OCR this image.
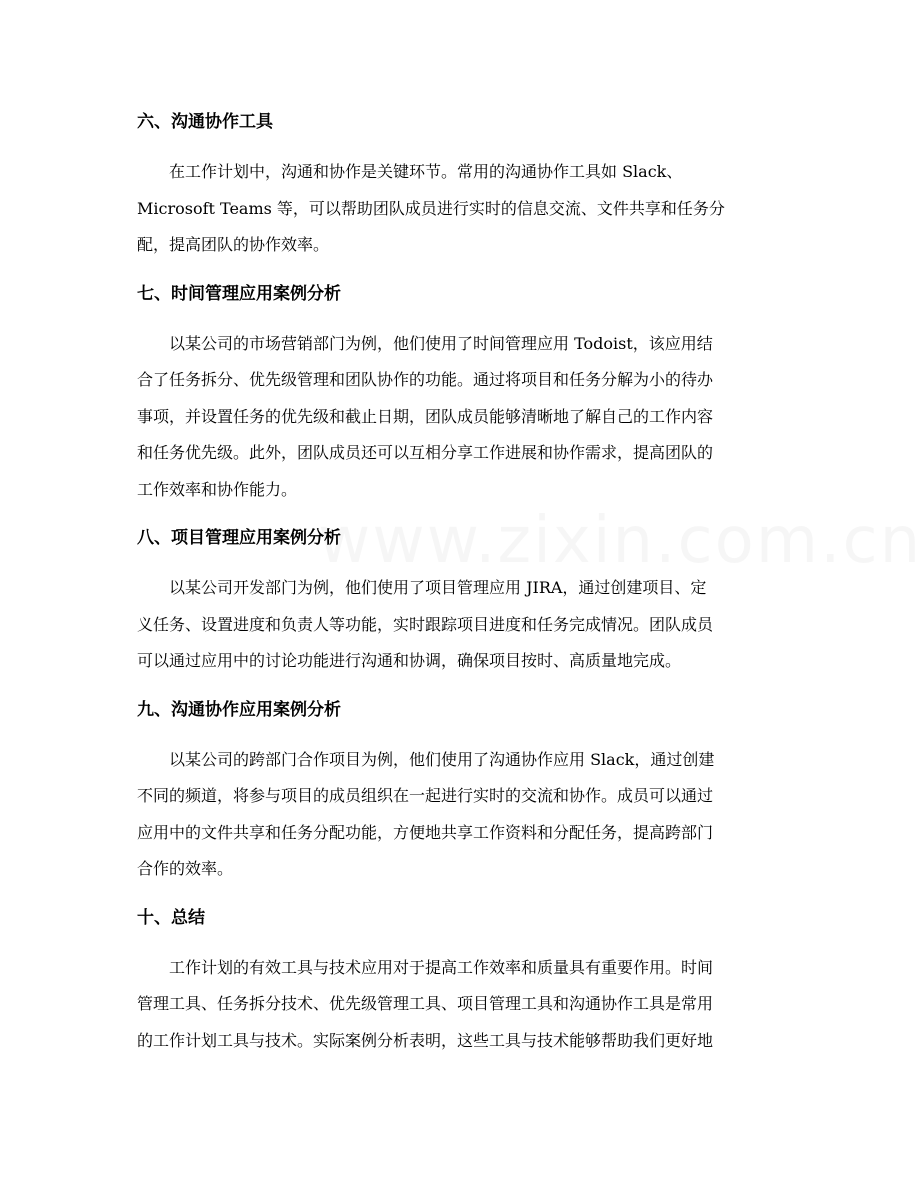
六、沟通协作工具

在工作计划中，沟通和协作是关键环节。常用的沟通协作工具如 Slack、
Microsoft Teams 等，可以帮助团队成员进行实时的信息交流、文件共享和任务分
配，提高团队的协作效率。

七、时间管理应用案例分析

以某公司的市场营销部门为例，他们使用了时间管理应用 Todoist，该应用结
合了任务拆分、优先级管理和团队协作的功能。通过将项目和任务分解为小的待办
事项，并设置任务的优先级和截止日期，团队成员能够清晰地了解自己的工作内容
和任务优先级。此外，团队成员还可以互相分享工作进展和协作需求，提高团队的
工作效率和协作能力。

八、项目管理应用案例分析

以某公司开发部门为例，他们使用了项目管理应用 JIRA，通过创建项目、定
义任务、设置进度和负责人等功能，实时跟踪项目进度和任务完成情况。团队成员
可以通过应用中的讨论功能进行沟通和协调，确保项目按时、高质量地完成。

九、沟通协作应用案例分析

以某公司的跨部门合作项目为例，他们使用了沟通协作应用 Slack，通过创建
不同的频道，将参与项目的成员组织在一起进行实时的交流和协作。成员可以通过
应用中的文件共享和任务分配功能，方便地共享工作资料和分配任务，提高跨部门
合作的效率。

十、总结

工作计划的有效工具与技术应用对于提高工作效率和质量具有重要作用。时间
管理工具、任务拆分技术、优先级管理工具、项目管理工具和沟通协作工具是常用
的工作计划工具与技术。实际案例分析表明，这些工具与技术能够帮助我们更好地
